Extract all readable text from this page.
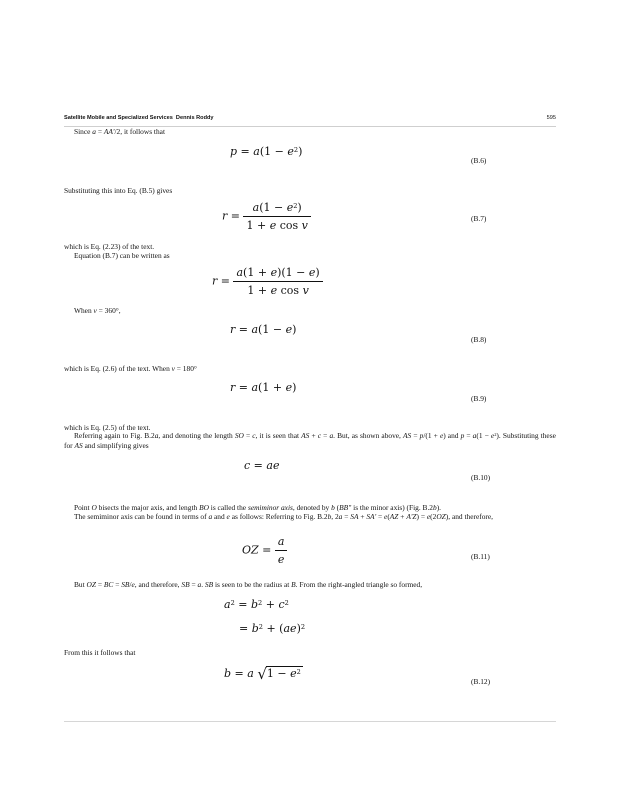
Satellite Mobile and Specialized Services Dennis Roddy	595
Since a = AA'/2, it follows that
$p = a(1 - e^2)$
(B.6)
Substituting this into Eq. (B.5) gives
$r = \frac{a(1 - e^2)}{\text{1 + e cos v}}$	(B.7)
which is Eq. (2.23) of the text.
Equation (B.7) can be written as
$r = \frac{a(1 + e)(1 - e)}{\text{1 + e cos v}}$
When v = 360°,
r = a(1 − e)
(B.8)
which is Eq. (2.6) of the text. When v = 180°
r = a(1 + e)
(B.9)
which is Eq. (2.5) of the text.
Referring again to Fig. B.2a, and denoting the length SO = c, it is seen that AS + c = a. But, as shown above, AS = p/(1 + e) and $p = a(1 - e^2)$. Substituting these for AS and simplifying gives
c = ae
(B.10)
Point O bisects the major axis, and length BO is called the semiminor axis, denoted by b (BB" is the minor axis) (Fig. B.2b).
The semiminor axis can be found in terms of a and e as follows: Referring to Fig. B.2b, 2a = SA + SA' = e(AZ + A'Z) = e(2OZ), and therefore,
OZ = $\frac{a}{e}$	(B.11)
But OZ = BC = SB/e, and therefore, SB = a. SB is seen to be the radius at B. From the right-angled triangle so formed,
$a^2 = b^2 + c^2$
= $b^2 + (ae)^2$
From this it follows that
b = a $√1 - e^2$
(B.12)
